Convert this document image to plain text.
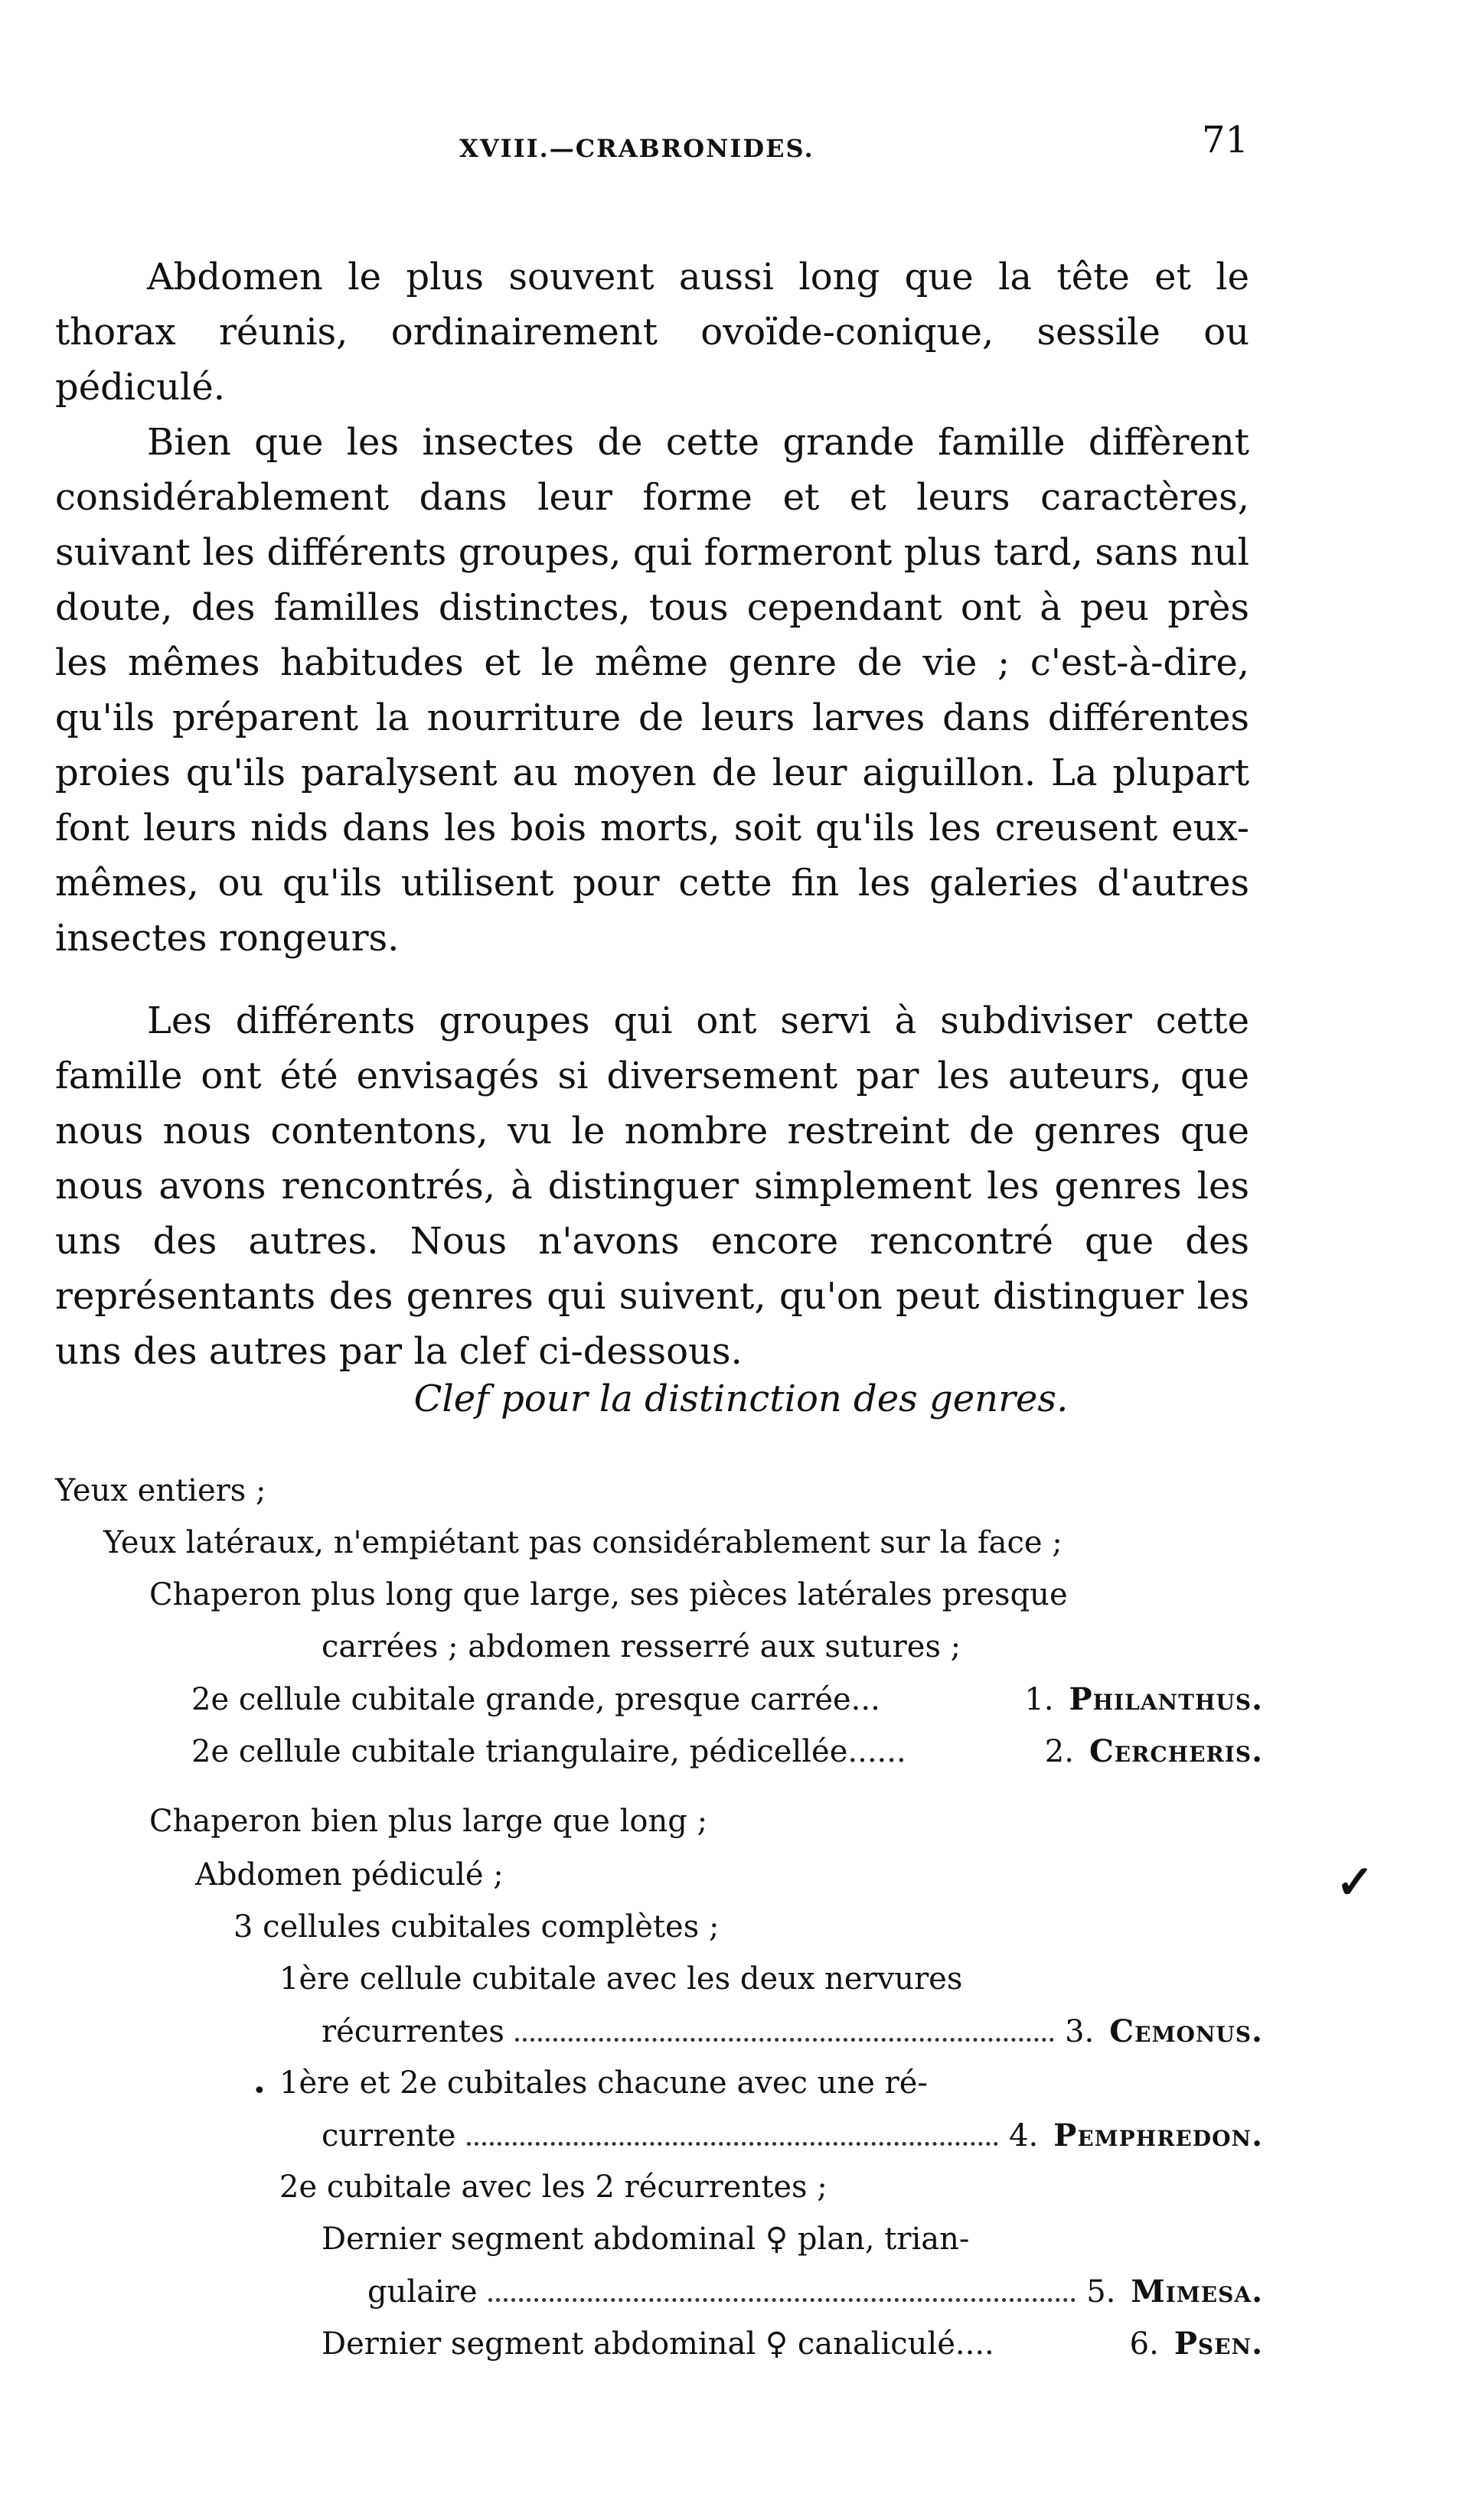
XVIII.—CRABRONIDES.	71

Abdomen le plus souvent aussi long que la tête et le thorax réunis, ordinairement ovoïde-conique, sessile ou pédiculé.

Bien que les insectes de cette grande famille diffèrent considérablement dans leur forme et et leurs caractères, suivant les différents groupes, qui formeront plus tard, sans nul doute, des familles distinctes, tous cependant ont à peu près les mêmes habitudes et le même genre de vie ; c'est-à-dire, qu'ils préparent la nourriture de leurs larves dans différentes proies qu'ils paralysent au moyen de leur aiguillon. La plupart font leurs nids dans les bois morts, soit qu'ils les creusent eux-mêmes, ou qu'ils utilisent pour cette fin les galeries d'autres insectes rongeurs.

Les différents groupes qui ont servi à subdiviser cette famille ont été envisagés si diversement par les auteurs, que nous nous contentons, vu le nombre restreint de genres que nous avons rencontrés, à distinguer simplement les genres les uns des autres. Nous n'avons encore rencontré que des représentants des genres qui suivent, qu'on peut distinguer les uns des autres par la clef ci-dessous.

Clef pour la distinction des genres.
Yeux entiers ;
Yeux latéraux, n'empiétant pas considérablement sur la face ;
Chaperon plus long que large, ses pièces latérales presque
carrées ; abdomen resserré aux sutures ;
2e cellule cubitale grande, presque carrée...	1. Philanthus.
2e cellule cubitale triangulaire, pédicellée......	2. Cercheris.
Chaperon bien plus large que long ;
Abdomen pédiculé ;
3 cellules cubitales complètes ;
1ère cellule cubitale avec les deux nervures
récurrentes	3. Cemonus.
1ère et 2e cubitales chacune avec une ré-
currente	4. Pemphredon.
2e cubitale avec les 2 récurrentes ;
Dernier segment abdominal ♀ plan, trian-
gulaire	5. Mimesa.
Dernier segment abdominal ♀ canaliculé....	6. Psen.
✓
•
